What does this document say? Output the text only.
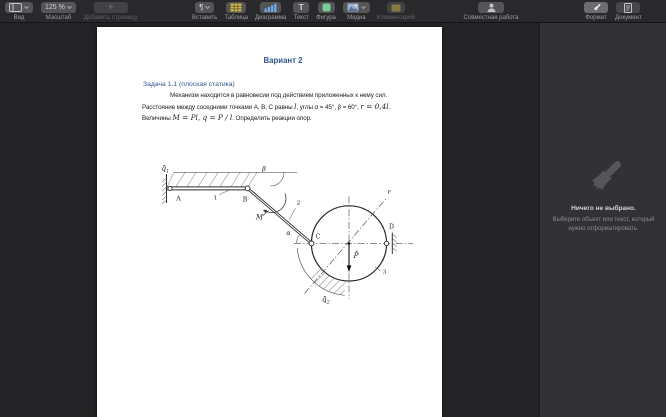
Вид
125 %
Масштаб
+
Добавить страницу
¶
Вставить Таблица Диаграмма
T
Текст Фигура Медиа Комментарий	Совместная работа	Формат Документ
Вариант 2
Задача 1.1 (плоская статика)
Механизм находится в равновесии под действием приложенных к нему сил.
Расстояние между соседними точками А, В, С равны l, углы α = 45°, β = 60°, r = 0,4l.
Величины M = Pl, q = P / l. Определить реакции опор.
$q̄_1$
$q̄_2$
P̄
M
r
β
α
A	B
C
D
1
2
3
Ничего не выбрано.
Выберите объект или текст, который нужно отформатировать.
